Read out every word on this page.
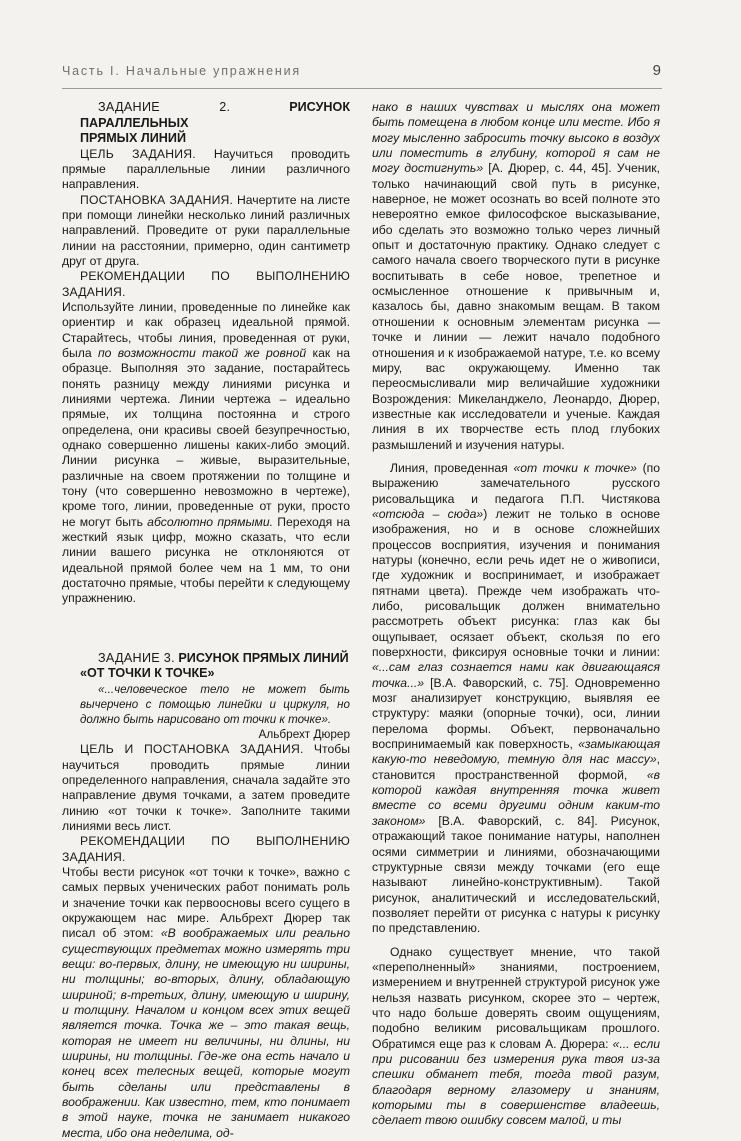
Часть I. Начальные упражнения	9

ЗАДАНИЕ 2.	РИСУНОК ПАРАЛЛЕЛЬНЫХ
ПРЯМЫХ ЛИНИЙ

ЦЕЛЬ ЗАДАНИЯ. Научиться проводить прямые параллельные линии различного направления.

ПОСТАНОВКА ЗАДАНИЯ. Начертите на листе при помощи линейки несколько линий различных направлений. Проведите от руки параллельные линии на расстоянии, примерно, один сантиметр друг от друга.

РЕКОМЕНДАЦИИ ПО ВЫПОЛНЕНИЮ ЗАДАНИЯ.

Используйте линии, проведенные по линейке как ориентир и как образец идеальной прямой. Старайтесь, чтобы линия, проведенная от руки, была по возможности такой же ровной как на образце. Выполняя это задание, постарайтесь понять разницу между линиями рисунка и линиями чертежа. Линии чертежа – идеально прямые, их толщина постоянна и строго определена, они красивы своей безупречностью, однако совершенно лишены каких-либо эмоций. Линии рисунка – живые, выразительные, различные на своем протяжении по толщине и тону (что совершенно невозможно в чертеже), кроме того, линии, проведенные от руки, просто не могут быть абсолютно прямыми. Переходя на жесткий язык цифр, можно сказать, что если линии вашего рисунка не отклоняются от идеальной прямой более чем на 1 мм, то они достаточно прямые, чтобы перейти к следующему упражнению.

ЗАДАНИЕ 3. РИСУНОК ПРЯМЫХ ЛИНИЙ
«ОТ ТОЧКИ К ТОЧКЕ»

«...человеческое тело не может быть вычерчено с помощью линейки и циркуля, но должно быть нарисовано от точки к точке».

Альбрехт Дюрер

ЦЕЛЬ И ПОСТАНОВКА ЗАДАНИЯ. Чтобы научиться проводить прямые линии определенного направления, сначала задайте это направление двумя точками, а затем проведите линию «от точки к точке». Заполните такими линиями весь лист.

РЕКОМЕНДАЦИИ ПО ВЫПОЛНЕНИЮ ЗАДАНИЯ.

Чтобы вести рисунок «от точки к точке», важно с самых первых ученических работ понимать роль и значение точки как первоосновы всего сущего в окружающем нас мире. Альбрехт Дюрер так писал об этом: «В воображаемых или реально существующих предметах можно измерять три вещи: во-первых, длину, не имеющую ни ширины, ни толщины; во-вторых, длину, обладающую шириной; в-третьих, длину, имеющую и ширину, и толщину. Началом и концом всех этих вещей является точка. Точка же – это такая вещь, которая не имеет ни величины, ни длины, ни ширины, ни толщины. Где-же она есть начало и конец всех телесных вещей, которые могут быть сделаны или представлены в воображении. Как известно, тем, кто понимает в этой науке, точка не занимает никакого места, ибо она неделима, од-

нако в наших чувствах и мыслях она может быть помещена в любом конце или месте. Ибо я могу мысленно забросить точку высоко в воздух или поместить в глубину, которой я сам не могу достигнуть» [А. Дюрер, с. 44, 45]. Ученик, только начинающий свой путь в рисунке, наверное, не может осознать во всей полноте это невероятно емкое философское высказывание, ибо сделать это возможно только через личный опыт и достаточную практику. Однако следует с самого начала своего творческого пути в рисунке воспитывать в себе новое, трепетное и осмысленное отношение к привычным и, казалось бы, давно знакомым вещам. В таком отношении к основным элементам рисунка — точке и линии — лежит начало подобного отношения и к изображаемой натуре, т.е. ко всему миру, вас окружающему. Именно так переосмысливали мир величайшие художники Возрождения: Микеланджело, Леонардо, Дюрер, известные как исследователи и ученые. Каждая линия в их творчестве есть плод глубоких размышлений и изучения натуры.

Линия, проведенная «от точки к точке» (по выражению замечательного русского рисовальщика и педагога П.П. Чистякова «отсюда – сюда») лежит не только в основе изображения, но и в основе сложнейших процессов восприятия, изучения и понимания натуры (конечно, если речь идет не о живописи, где художник и воспринимает, и изображает пятнами цвета). Прежде чем изображать что-либо, рисовальщик должен внимательно рассмотреть объект рисунка: глаз как бы ощупывает, осязает объект, скользя по его поверхности, фиксируя основные точки и линии: «...сам глаз сознается нами как двигающаяся точка...» [В.А. Фаворский, с. 75]. Одновременно мозг анализирует конструкцию, выявляя ее структуру: маяки (опорные точки), оси, линии перелома формы. Объект, первоначально воспринимаемый как поверхность, «замыкающая какую-то неведомую, темную для нас массу», становится пространственной формой, «в которой каждая внутренняя точка живет вместе со всеми другими одним каким-то законом» [В.А. Фаворский, с. 84]. Рисунок, отражающий такое понимание натуры, наполнен осями симметрии и линиями, обозначающими структурные связи между точками (его еще называют линейно-конструктивным). Такой рисунок, аналитический и исследовательский, позволяет перейти от рисунка с натуры к рисунку по представлению.

Однако существует мнение, что такой «переполненный» знаниями, построением, измерением и внутренней структурой рисунок уже нельзя назвать рисунком, скорее это – чертеж, что надо больше доверять своим ощущениям, подобно великим рисовальщикам прошлого. Обратимся еще раз к словам А. Дюрера: «... если при рисовании без измерения рука твоя из-за спешки обманет тебя, тогда твой разум, благодаря верному глазомеру и знаниям, которыми ты в совершенстве владеешь, сделает твою ошибку совсем малой, и ты
